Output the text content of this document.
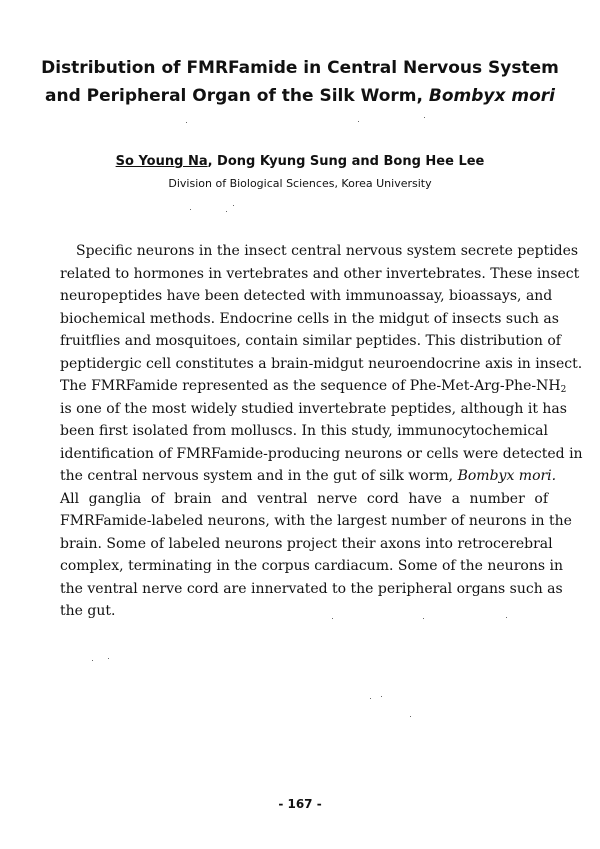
Distribution of FMRFamide in Central Nervous System
and Peripheral Organ of the Silk Worm, Bombyx mori
So Young Na, Dong Kyung Sung and Bong Hee Lee
Division of Biological Sciences, Korea University
Specific neurons in the insect central nervous system secrete peptides
related to hormones in vertebrates and other invertebrates. These insect
neuropeptides have been detected with immunoassay, bioassays, and
biochemical methods. Endocrine cells in the midgut of insects such as
fruitflies and mosquitoes, contain similar peptides. This distribution of
peptidergic cell constitutes a brain-midgut neuroendocrine axis in insect.
The FMRFamide represented as the sequence of Phe-$Met-Arg-Phe-NH_2$
is one of the most widely studied invertebrate peptides, although it has
been first isolated from molluscs. In this study, immunocytochemical
identification of FMRFamide-producing neurons or cells were detected in
the central nervous system and in the gut of silk worm, Bombyx mori.
All ganglia of brain and ventral nerve cord have a number of
FMRFamide-labeled neurons, with the largest number of neurons in the
brain. Some of labeled neurons project their axons into retrocerebral
complex, terminating in the corpus cardiacum. Some of the neurons in
the ventral nerve cord are innervated to the peripheral organs such as
the gut.
- 167 -
